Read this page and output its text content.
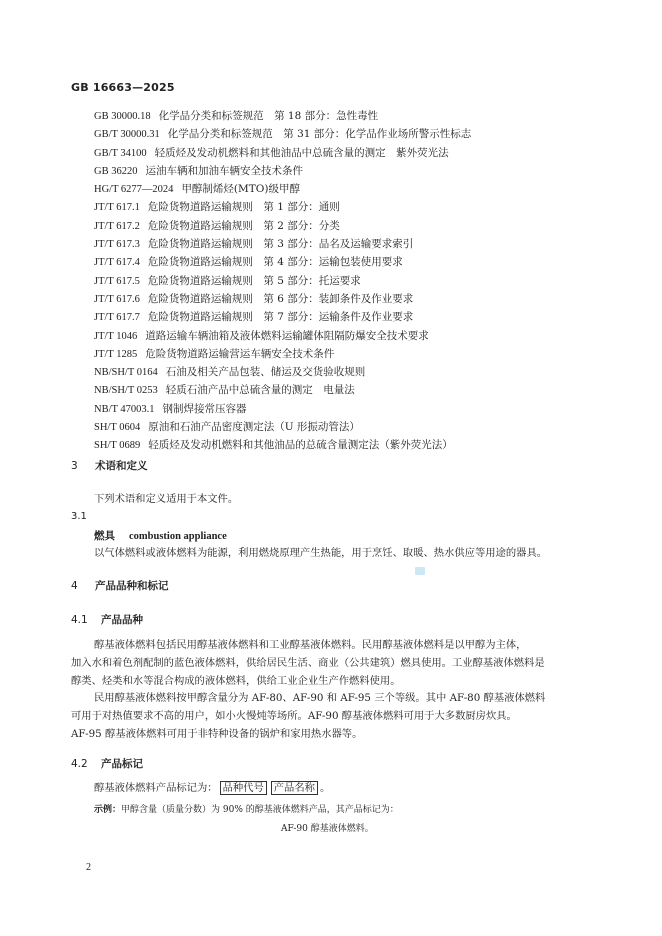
GB 16663—2025
GB 30000.18 化学品分类和标签规范　第 18 部分：急性毒性
GB/T 30000.31 化学品分类和标签规范　第 31 部分：化学品作业场所警示性标志
GB/T 34100 轻质烃及发动机燃料和其他油品中总硫含量的测定　紫外荧光法
GB 36220 运油车辆和加油车辆安全技术条件
HG/T 6277—2024 甲醇制烯烃(MTO)级甲醇
JT/T 617.1 危险货物道路运输规则　第 1 部分：通则
JT/T 617.2 危险货物道路运输规则　第 2 部分：分类
JT/T 617.3 危险货物道路运输规则　第 3 部分：品名及运输要求索引
JT/T 617.4 危险货物道路运输规则　第 4 部分：运输包装使用要求
JT/T 617.5 危险货物道路运输规则　第 5 部分：托运要求
JT/T 617.6 危险货物道路运输规则　第 6 部分：装卸条件及作业要求
JT/T 617.7 危险货物道路运输规则　第 7 部分：运输条件及作业要求
JT/T 1046 道路运输车辆油箱及液体燃料运输罐体阻隔防爆安全技术要求
JT/T 1285 危险货物道路运输营运车辆安全技术条件
NB/SH/T 0164 石油及相关产品包装、储运及交货验收规则
NB/SH/T 0253 轻质石油产品中总硫含量的测定　电量法
NB/T 47003.1 钢制焊接常压容器
SH/T 0604 原油和石油产品密度测定法（U 形振动管法）
SH/T 0689 轻质烃及发动机燃料和其他油品的总硫含量测定法（紫外荧光法）
3 术语和定义
下列术语和定义适用于本文件。
3.1
燃具 combustion appliance
以气体燃料或液体燃料为能源，利用燃烧原理产生热能，用于烹饪、取暖、热水供应等用途的器具。
4 产品品种和标记
4.1 产品品种
醇基液体燃料包括民用醇基液体燃料和工业醇基液体燃料。民用醇基液体燃料是以甲醇为主体，
加入水和着色剂配制的蓝色液体燃料，供给居民生活、商业（公共建筑）燃具使用。工业醇基液体燃料是
醇类、烃类和水等混合构成的液体燃料，供给工业企业生产作燃料使用。
民用醇基液体燃料按甲醇含量分为 AF-80、AF-90 和 AF-95 三个等级。其中 AF-80 醇基液体燃料
可用于对热值要求不高的用户，如小火慢炖等场所。AF-90 醇基液体燃料可用于大多数厨房炊具。
AF-95 醇基液体燃料可用于非特种设备的锅炉和家用热水器等。
4.2 产品标记
醇基液体燃料产品标记为： 品种代号 产品名称 。
示例：甲醇含量（质量分数）为 90% 的醇基液体燃料产品，其产品标记为：
AF-90 醇基液体燃料。
2
